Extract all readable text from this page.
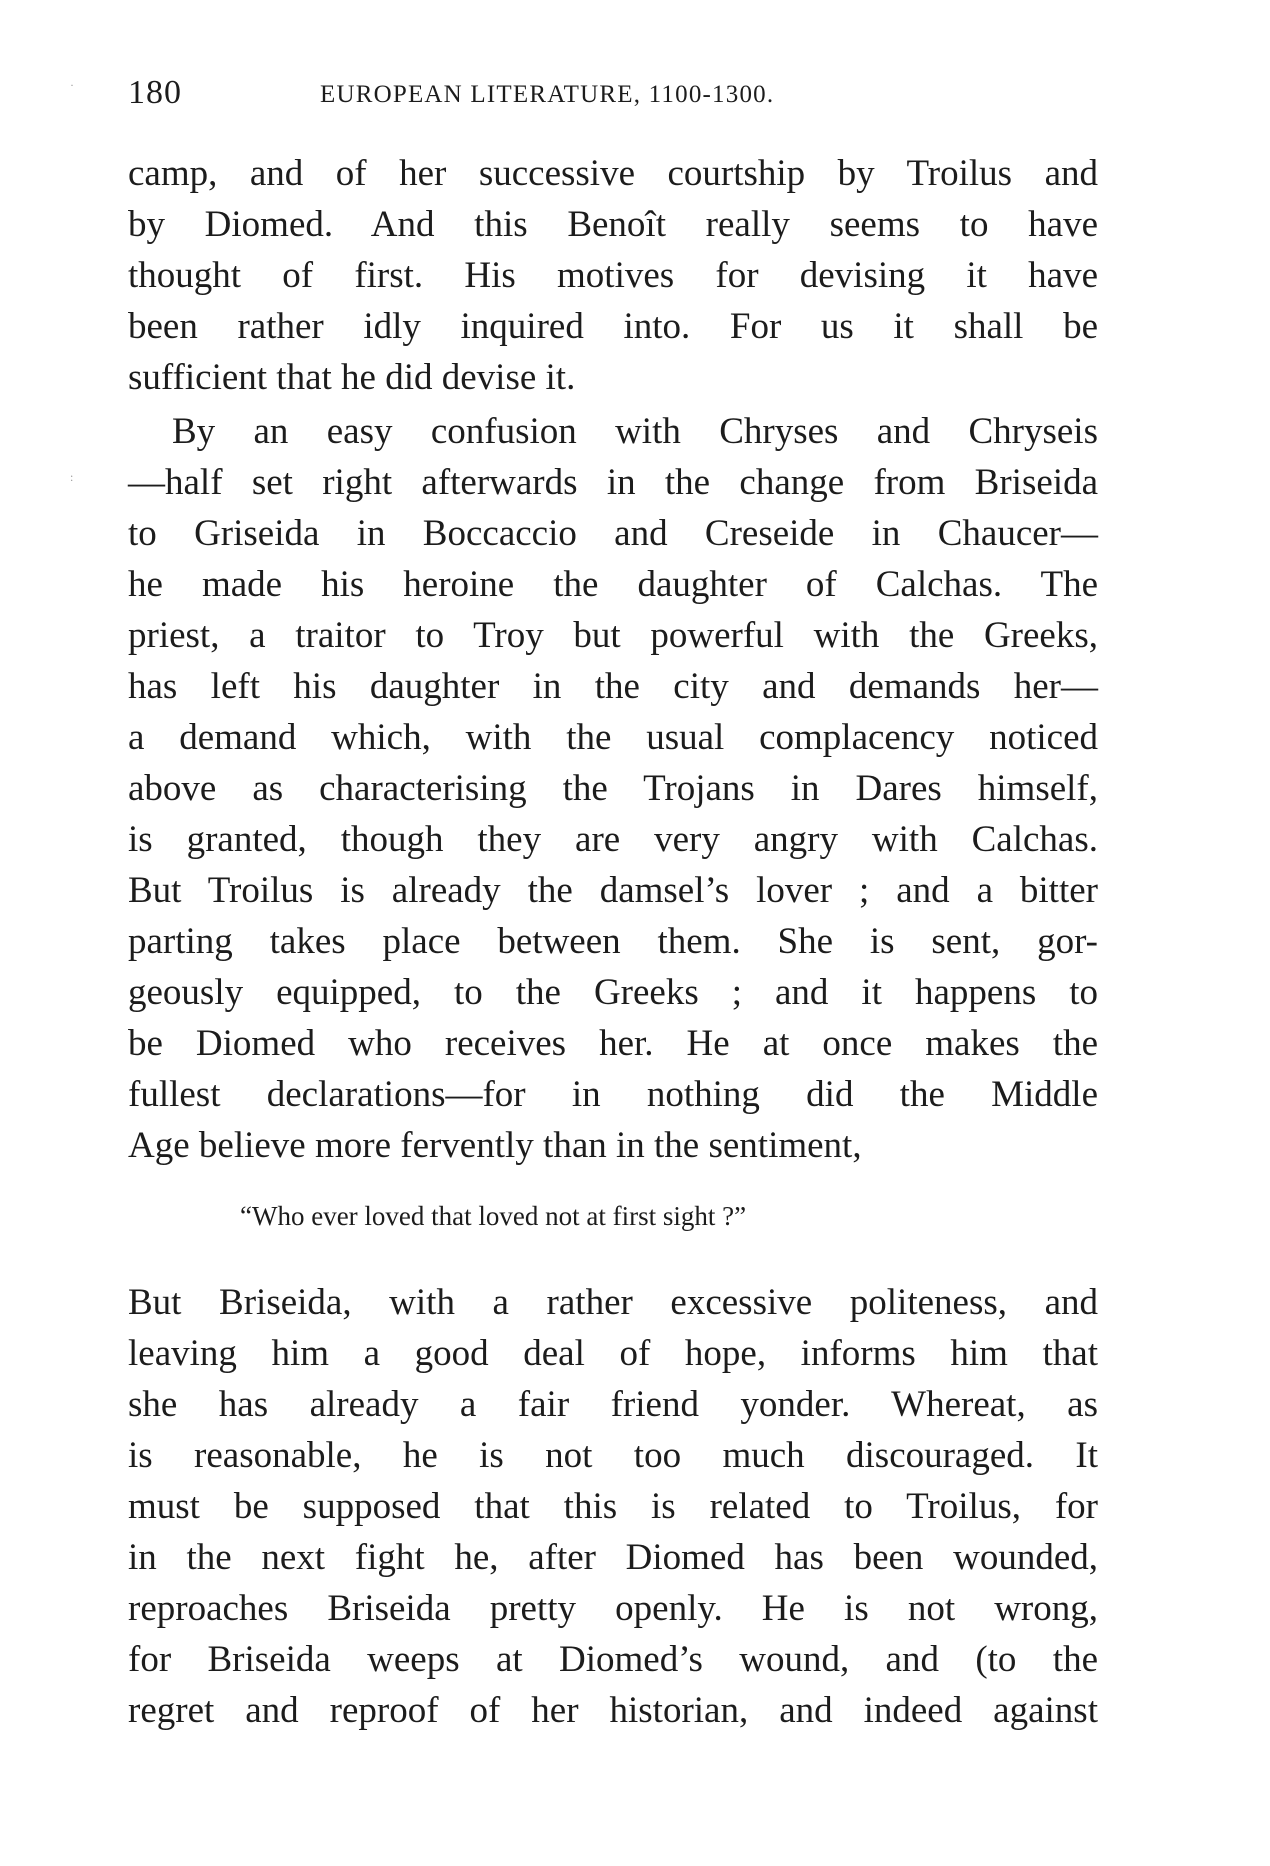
180	EUROPEAN LITERATURE, 1100-1300.
·
:
camp, and of her successive courtship by Troilus and
by Diomed. And this Benoît really seems to have
thought of first. His motives for devising it have
been rather idly inquired into. For us it shall be
sufficient that he did devise it.
By an easy confusion with Chryses and Chryseis
—half set right afterwards in the change from Briseida
to Griseida in Boccaccio and Creseide in Chaucer—
he made his heroine the daughter of Calchas. The
priest, a traitor to Troy but powerful with the Greeks,
has left his daughter in the city and demands her—
a demand which, with the usual complacency noticed
above as characterising the Trojans in Dares himself,
is granted, though they are very angry with Calchas.
But Troilus is already the damsel’s lover ; and a bitter
parting takes place between them. She is sent, gor-
geously equipped, to the Greeks ; and it happens to
be Diomed who receives her. He at once makes the
fullest declarations—for in nothing did the Middle
Age believe more fervently than in the sentiment,
“Who ever loved that loved not at first sight ?”
But Briseida, with a rather excessive politeness, and
leaving him a good deal of hope, informs him that
she has already a fair friend yonder. Whereat, as
is reasonable, he is not too much discouraged. It
must be supposed that this is related to Troilus, for
in the next fight he, after Diomed has been wounded,
reproaches Briseida pretty openly. He is not wrong,
for Briseida weeps at Diomed’s wound, and (to the
regret and reproof of her historian, and indeed against
